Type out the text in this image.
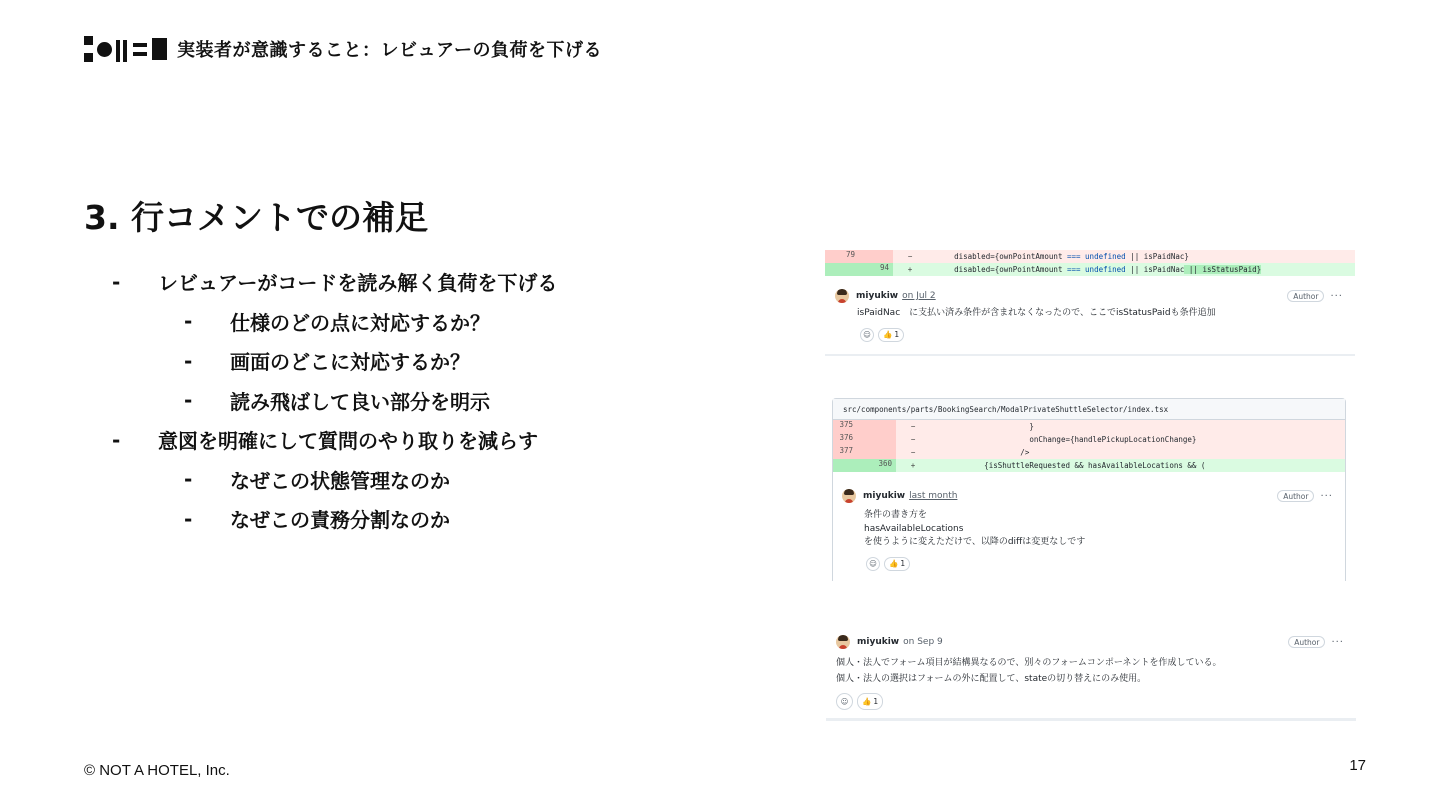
実装者が意識すること：レビュアーの負荷を下げる
3. 行コメントでの補足
-	レビュアーがコードを読み解く負荷を下げる
-	仕様のどの点に対応するか？
-	画面のどこに対応するか？
-	読み飛ばして良い部分を明示
-	意図を明確にして質問のやり取りを減らす
-	なぜこの状態管理なのか
-	なぜこの責務分割なのか
79	−	disabled={ownPointAmount === undefined || isPaidNac}
94	+	disabled={ownPointAmount === undefined || isPaidNac || isStatusPaid}
miyukiw on Jul 2	Author	···
isPaidNac　に支払い済み条件が含まれなくなったので、ここでisStatusPaidも条件追加
☺	👍 1
src/components/parts/BookingSearch/ModalPrivateShuttleSelector/index.tsx
375	−	}
376	−	onChange={handlePickupLocationChange}
377	−	/>
360	+	{isShuttleRequested && hasAvailableLocations && (
miyukiw last month	Author	···
条件の書き方を
hasAvailableLocations
を使うように変えただけで、以降のdiffは変更なしです
☺	👍 1
miyukiw on Sep 9	Author	···
個人・法人でフォーム項目が結構異なるので、別々のフォームコンポーネントを作成している。
個人・法人の選択はフォームの外に配置して、stateの切り替えにのみ使用。
☺	👍 1
© NOT A HOTEL, Inc.	17
